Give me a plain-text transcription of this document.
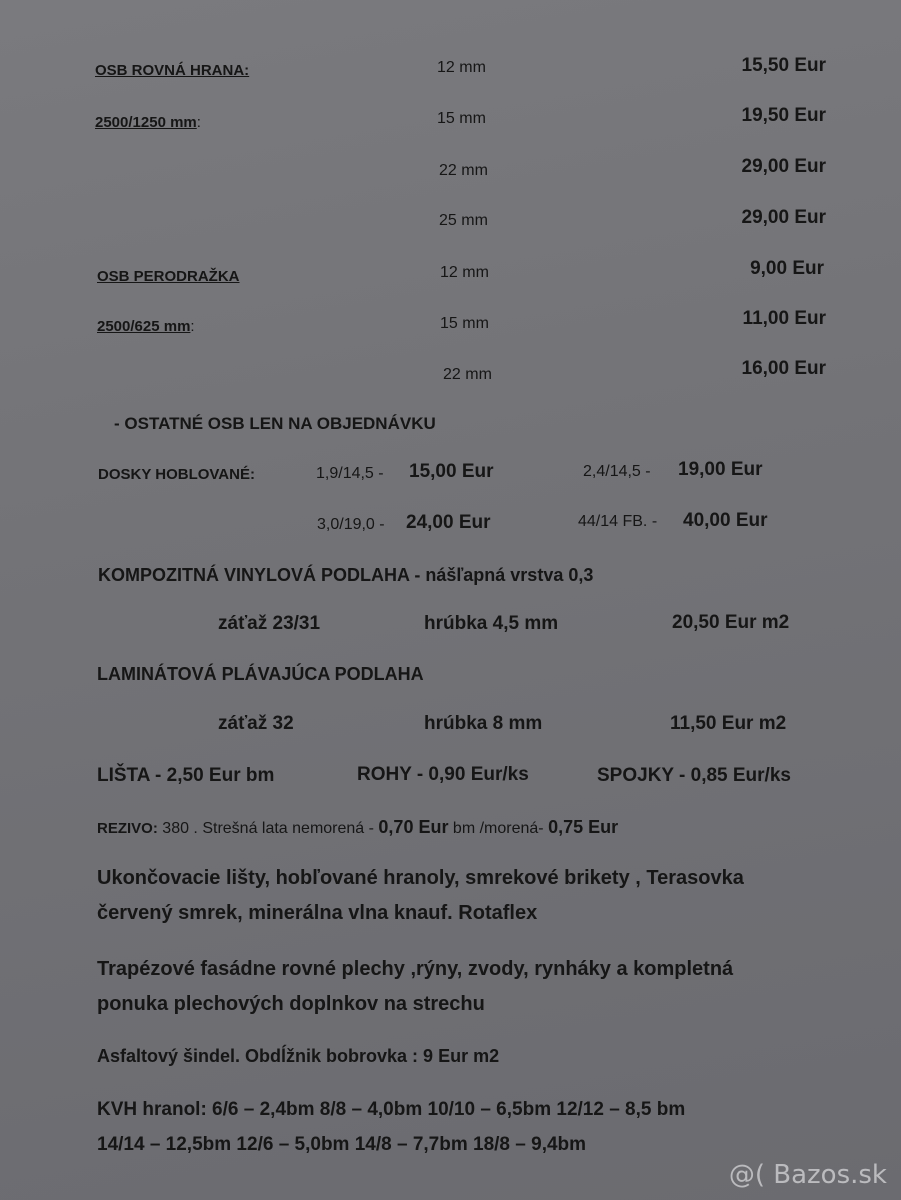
OSB ROVNÁ HRANA:
2500/1250 mm:
12 mm	15,50 Eur
15 mm	19,50 Eur
22 mm	29,00 Eur
25 mm	29,00 Eur
OSB PERODRAŽKA
2500/625 mm:
12 mm	9,00 Eur
15 mm	11,00 Eur
22 mm	16,00 Eur
- OSTATNÉ OSB LEN NA OBJEDNÁVKU
DOSKY HOBLOVANÉ:	1,9/14,5 - 15,00 Eur	2,4/14,5 - 19,00 Eur
3,0/19,0 - 24,00 Eur	44/14 FB. - 40,00 Eur
KOMPOZITNÁ VINYLOVÁ PODLAHA - nášľapná vrstva 0,3
záťaž 23/31	hrúbka 4,5 mm	20,50 Eur m2
LAMINÁTOVÁ PLÁVAJÚCA PODLAHA
záťaž 32	hrúbka 8 mm	11,50 Eur m2
LIŠTA - 2,50 Eur bm	ROHY - 0,90 Eur/ks	SPOJKY - 0,85 Eur/ks
REZIVO: 380 . Strešná lata nemorená - 0,70 Eur bm /morená- 0,75 Eur
Ukončovacie lišty, hobľované hranoly, smrekové brikety , Terasovka
červený smrek, minerálna vlna knauf. Rotaflex
Trapézové fasádne rovné plechy ,rýny, zvody, rynháky a kompletná
ponuka plechových doplnkov na strechu
Asfaltový šindel. Obdĺžnik bobrovka : 9 Eur m2
KVH hranol: 6/6 – 2,4bm 8/8 – 4,0bm 10/10 – 6,5bm 12/12 – 8,5 bm
14/14 – 12,5bm 12/6 – 5,0bm 14/8 – 7,7bm 18/8 – 9,4bm
@( Bazos.sk
